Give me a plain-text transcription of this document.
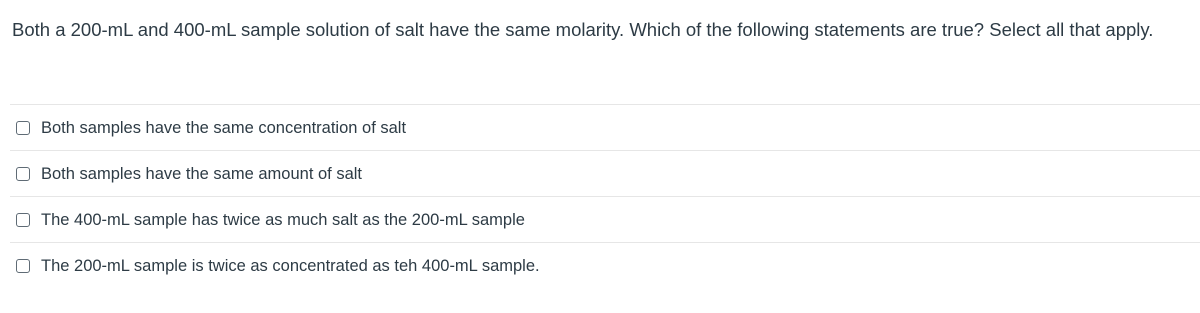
Both a 200-mL and 400-mL sample solution of salt have the same molarity. Which of the following statements are true? Select all that apply.

Both samples have the same concentration of salt
Both samples have the same amount of salt
The 400-mL sample has twice as much salt as the 200-mL sample
The 200-mL sample is twice as concentrated as teh 400-mL sample.
